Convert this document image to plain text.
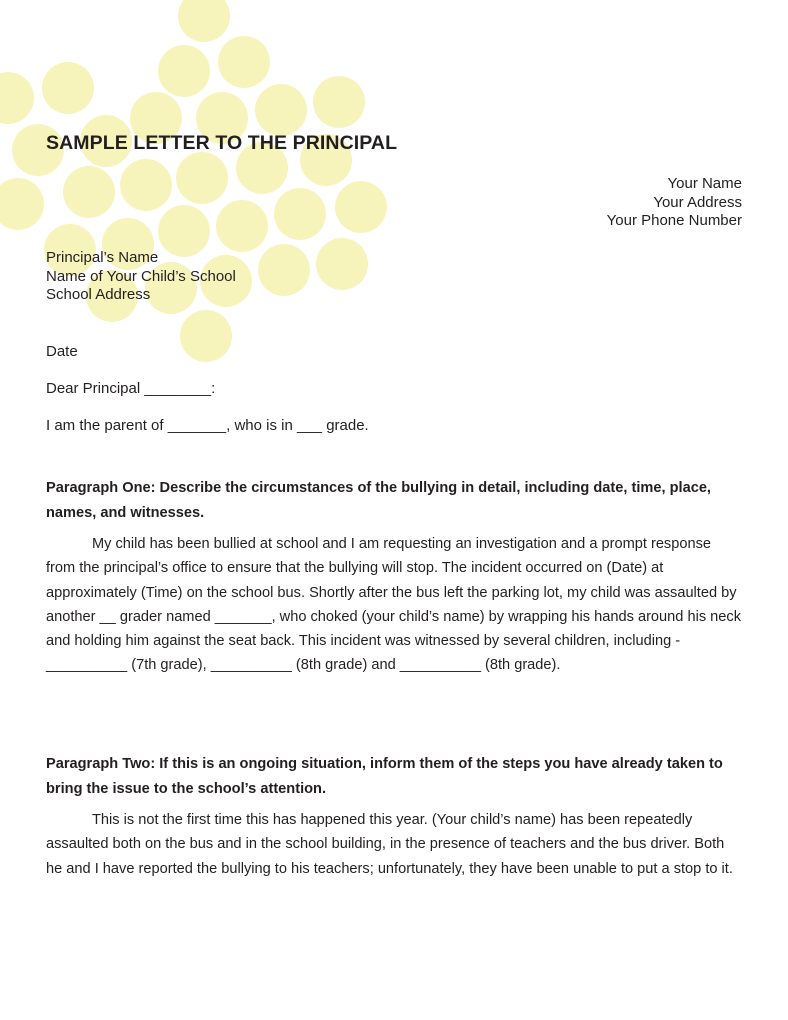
SAMPLE LETTER TO THE PRINCIPAL
Your Name
Your Address
Your Phone Number
Principal’s Name
Name of Your Child’s School
School Address
Date
Dear Principal ________:
I am the parent of _______, who is in ___ grade.
Paragraph One: Describe the circumstances of the bullying in detail, including date, time, place, names, and witnesses.

My child has been bullied at school and I am requesting an investigation and a prompt response from the principal’s office to ensure that the bullying will stop. The incident occurred on (Date) at approximately (Time) on the school bus. Shortly after the bus left the parking lot, my child was assaulted by another __ grader named _______, who choked (your child’s name) by wrapping his hands around his neck and holding him against the seat back. This incident was witnessed by several children, including - __________ (7th grade), __________ (8th grade) and __________ (8th grade).

Paragraph Two: If this is an ongoing situation, inform them of the steps you have already taken to bring the issue to the school’s attention.

This is not the first time this has happened this year. (Your child’s name) has been repeatedly assaulted both on the bus and in the school building, in the presence of teachers and the bus driver. Both he and I have reported the bullying to his teachers; unfortunately, they have been unable to put a stop to it.
